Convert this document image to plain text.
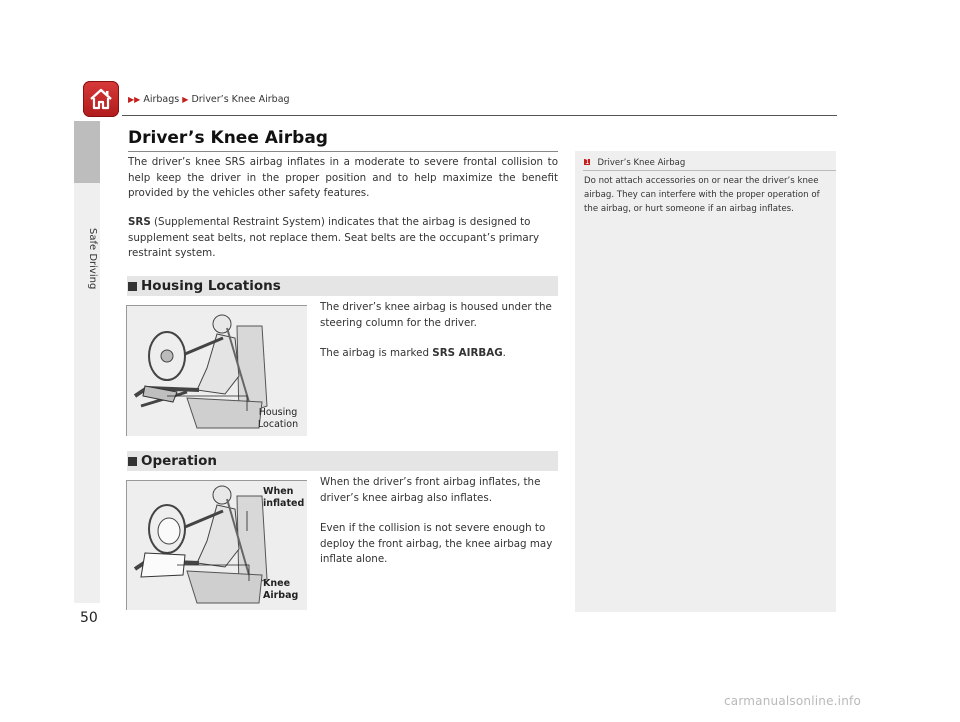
Safe Driving
▶▶ Airbags ▶ Driver’s Knee Airbag
Driver’s Knee Airbag
The driver’s knee SRS airbag inflates in a moderate to severe frontal collision to help keep the driver in the proper position and to help maximize the benefit provided by the vehicles other safety features.
SRS (Supplemental Restraint System) indicates that the airbag is designed to supplement seat belts, not replace them. Seat belts are the occupant’s primary restraint system.
Housing Locations
Housing
Location
The driver’s knee airbag is housed under the steering column for the driver.
The airbag is marked SRS AIRBAG.
Operation
When
inflated
Knee
Airbag
When the driver’s front airbag inflates, the driver’s knee airbag also inflates.
Even if the collision is not severe enough to deploy the front airbag, the knee airbag may inflate alone.
1 Driver’s Knee Airbag
Do not attach accessories on or near the driver’s knee airbag. They can interfere with the proper operation of the airbag, or hurt someone if an airbag inflates.
50
carmanualsonline.info
